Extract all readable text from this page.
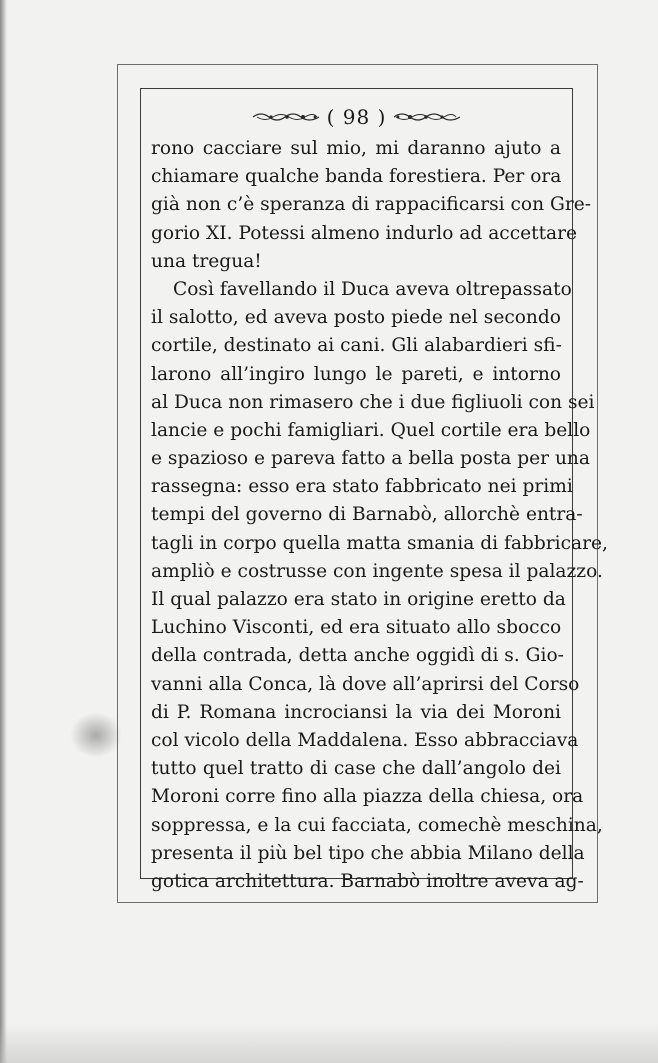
( 98 )
rono cacciare sul mio, mi daranno ajuto a
chiamare qualche banda forestiera. Per ora
già non c’è speranza di rappacificarsi con Gre-
gorio XI. Potessi almeno indurlo ad accettare
una tregua!
Così favellando il Duca aveva oltrepassato
il salotto, ed aveva posto piede nel secondo
cortile, destinato ai cani. Gli alabardieri sfi-
larono all’ingiro lungo le pareti, e intorno
al Duca non rimasero che i due figliuoli con sei
lancie e pochi famigliari. Quel cortile era bello
e spazioso e pareva fatto a bella posta per una
rassegna: esso era stato fabbricato nei primi
tempi del governo di Barnabò, allorchè entra-
tagli in corpo quella matta smania di fabbricare,
ampliò e costrusse con ingente spesa il palazzo.
Il qual palazzo era stato in origine eretto da
Luchino Visconti, ed era situato allo sbocco
della contrada, detta anche oggidì di s. Gio-
vanni alla Conca, là dove all’aprirsi del Corso
di P. Romana incrociansi la via dei Moroni
col vicolo della Maddalena. Esso abbracciava
tutto quel tratto di case che dall’angolo dei
Moroni corre fino alla piazza della chiesa, ora
soppressa, e la cui facciata, comechè meschina,
presenta il più bel tipo che abbia Milano della
gotica architettura. Barnabò inoltre aveva ag-
